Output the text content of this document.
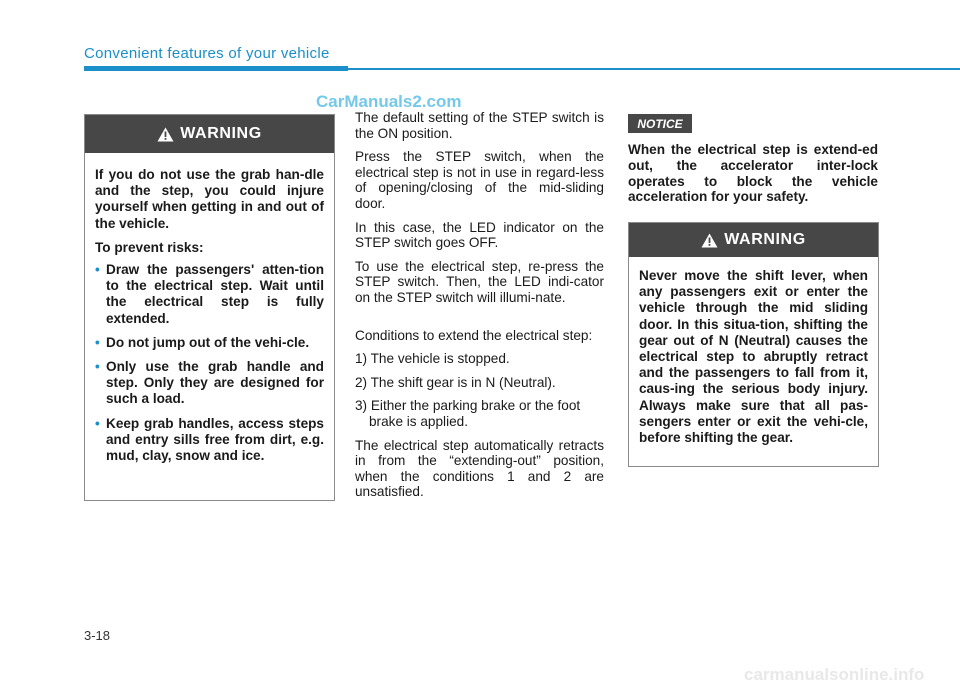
Convenient features of your vehicle
CarManuals2.com
WARNING

If you do not use the grab han-dle and the step, you could injure yourself when getting in and out of the vehicle.

To prevent risks:

• Draw the passengers' atten-tion to the electrical step. Wait until the electrical step is fully extended.
• Do not jump out of the vehi-cle.
• Only use the grab handle and step. Only they are designed for such a load.
• Keep grab handles, access steps and entry sills free from dirt, e.g. mud, clay, snow and ice.

The default setting of the STEP switch is the ON position.

Press the STEP switch, when the electrical step is not in use in regard-less of opening/closing of the mid-sliding door.

In this case, the LED indicator on the STEP switch goes OFF.

To use the electrical step, re-press the STEP switch. Then, the LED indi-cator on the STEP switch will illumi-nate.

Conditions to extend the electrical step:

1) The vehicle is stopped.

2) The shift gear is in N (Neutral).

3) Either the parking brake or the foot brake is applied.

The electrical step automatically retracts in from the “extending-out” position, when the conditions 1 and 2 are unsatisfied.

NOTICE
When the electrical step is extend-ed out, the accelerator inter-lock operates to block the vehicle acceleration for your safety.
WARNING

Never move the shift lever, when any passengers exit or enter the vehicle through the mid sliding door. In this situa-tion, shifting the gear out of N (Neutral) causes the electrical step to abruptly retract and the passengers to fall from it, caus-ing the serious body injury. Always make sure that all pas-sengers enter or exit the vehi-cle, before shifting the gear.

3-18
carmanualsonline.info
